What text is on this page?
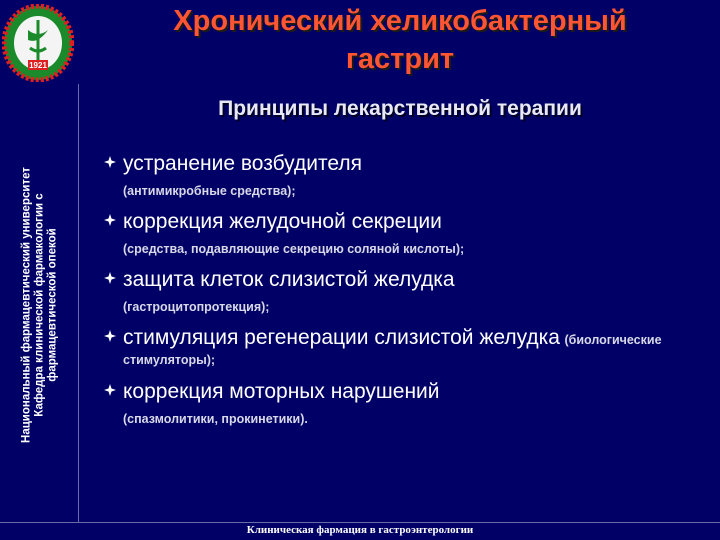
1921
Национальный фармацевтический университет
Кафедра клинической фармакологии с
фармацевтической опекой
Хронический хеликобактерный
гастрит
Принципы лекарственной терапии
устранение возбудителя
(антимикробные средства);
коррекция желудочной секреции
(средства, подавляющие секрецию соляной кислоты);
защита клеток слизистой желудка
(гастроцитопротекция);
стимуляция регенерации слизистой желудка (биологические стимуляторы);
коррекция моторных нарушений
(спазмолитики, прокинетики).
Клиническая фармация в гастроэнтерологии
